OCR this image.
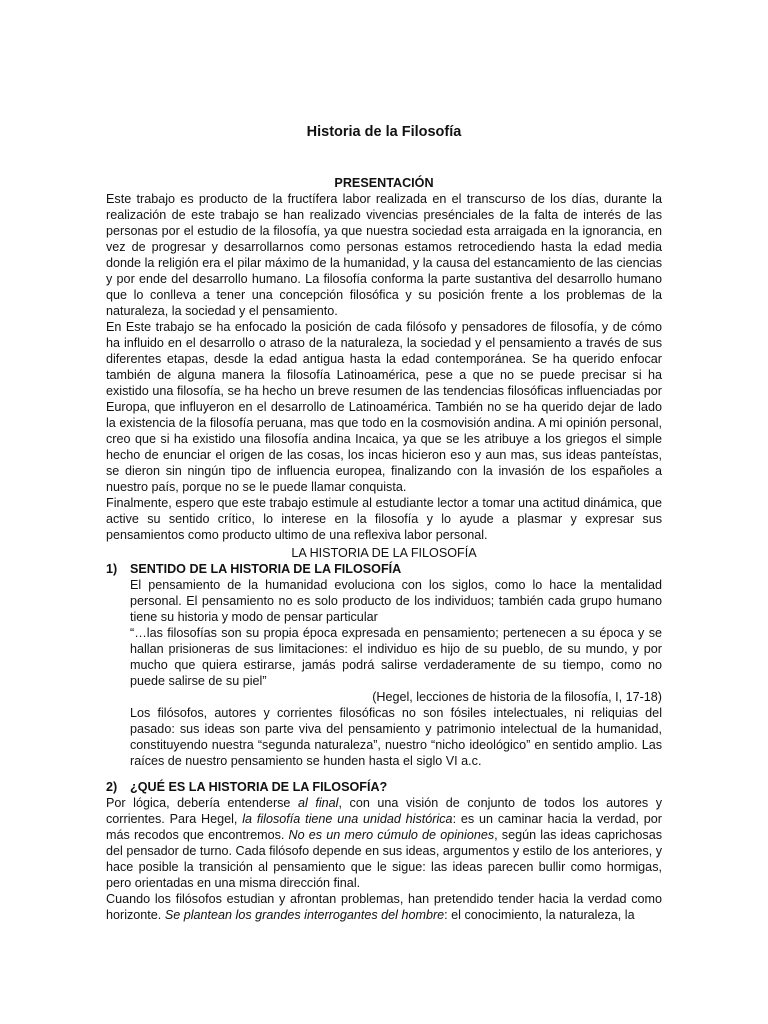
Historia de la Filosofía
PRESENTACIÓN

Este trabajo es producto de la fructífera labor realizada en el transcurso de los días, durante la realización de este trabajo se han realizado vivencias presénciales de la falta de interés de las personas por el estudio de la filosofía, ya que nuestra sociedad esta arraigada en la ignorancia, en vez de progresar y desarrollarnos como personas estamos retrocediendo hasta la edad media donde la religión era el pilar máximo de la humanidad, y la causa del estancamiento de las ciencias y por ende del desarrollo humano. La filosofía conforma la parte sustantiva del desarrollo humano que lo conlleva a tener una concepción filosófica y su posición frente a los problemas de la naturaleza, la sociedad y el pensamiento.

En Este trabajo se ha enfocado la posición de cada filósofo y pensadores de filosofía, y de cómo ha influido en el desarrollo o atraso de la naturaleza, la sociedad y el pensamiento a través de sus diferentes etapas, desde la edad antigua hasta la edad contemporánea. Se ha querido enfocar también de alguna manera la filosofía Latinoamérica, pese a que no se puede precisar si ha existido una filosofía, se ha hecho un breve resumen de las tendencias filosóficas influenciadas por Europa, que influyeron en el desarrollo de Latinoamérica. También no se ha querido dejar de lado la existencia de la filosofía peruana, mas que todo en la cosmovisión andina. A mi opinión personal, creo que si ha existido una filosofía andina Incaica, ya que se les atribuye a los griegos el simple hecho de enunciar el origen de las cosas, los incas hicieron eso y aun mas, sus ideas panteístas, se dieron sin ningún tipo de influencia europea, finalizando con la invasión de los españoles a nuestro país, porque no se le puede llamar conquista.

Finalmente, espero que este trabajo estimule al estudiante lector a tomar una actitud dinámica, que active su sentido crítico, lo interese en la filosofía y lo ayude a plasmar y expresar sus pensamientos como producto ultimo de una reflexiva labor personal.

LA HISTORIA DE LA FILOSOFÍA
1)	SENTIDO DE LA HISTORIA DE LA FILOSOFÍA

El pensamiento de la humanidad evoluciona con los siglos, como lo hace la mentalidad personal. El pensamiento no es solo producto de los individuos; también cada grupo humano tiene su historia y modo de pensar particular

“…las filosofías son su propia época expresada en pensamiento; pertenecen a su época y se hallan prisioneras de sus limitaciones: el individuo es hijo de su pueblo, de su mundo, y por mucho que quiera estirarse, jamás podrá salirse verdaderamente de su tiempo, como no puede salirse de su piel”

(Hegel, lecciones de historia de la filosofía, I, 17-18)

Los filósofos, autores y corrientes filosóficas no son fósiles intelectuales, ni reliquias del pasado: sus ideas son parte viva del pensamiento y patrimonio intelectual de la humanidad, constituyendo nuestra “segunda naturaleza”, nuestro “nicho ideológico” en sentido amplio. Las raíces de nuestro pensamiento se hunden hasta el siglo VI a.c.

2)	¿QUÉ ES LA HISTORIA DE LA FILOSOFÍA?

Por lógica, debería entenderse al final, con una visión de conjunto de todos los autores y corrientes. Para Hegel, la filosofía tiene una unidad histórica: es un caminar hacia la verdad, por más recodos que encontremos. No es un mero cúmulo de opiniones, según las ideas caprichosas del pensador de turno. Cada filósofo depende en sus ideas, argumentos y estilo de los anteriores, y hace posible la transición al pensamiento que le sigue: las ideas parecen bullir como hormigas, pero orientadas en una misma dirección final.

Cuando los filósofos estudian y afrontan problemas, han pretendido tender hacia la verdad como horizonte. Se plantean los grandes interrogantes del hombre: el conocimiento, la naturaleza, la
